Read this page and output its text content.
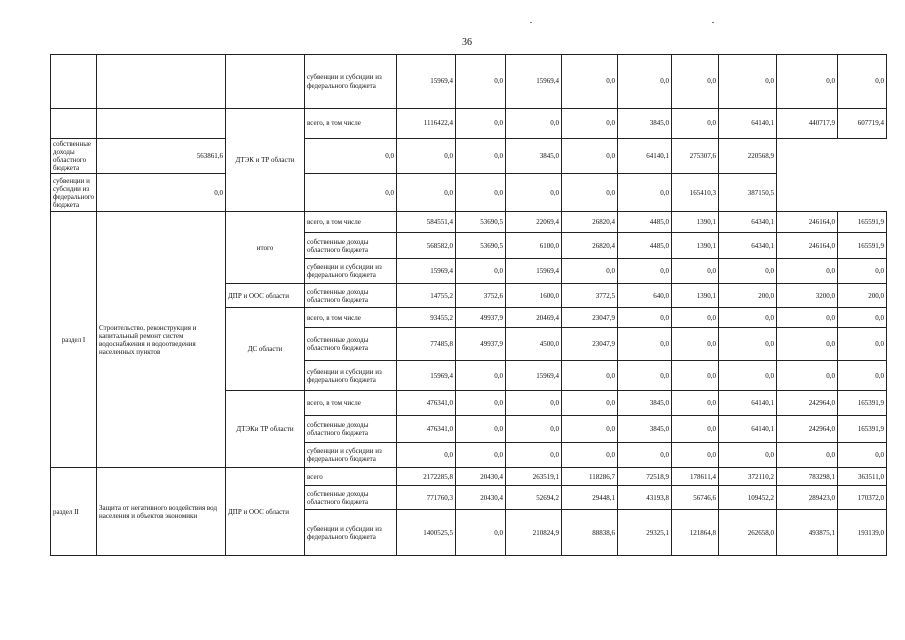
36
			субвенции и субсидии из федерального бюджета	15969,4	0,0	15969,4	0,0	0,0	0,0	0,0	0,0	0,0
		ДТЭК и ТР области	всего, в том числе	1116422,4	0,0	0,0	0,0	3845,0	0,0	64140,1	440717,9	607719,4
собственные доходы областного бюджета	563861,6		0,0	0,0	0,0	3845,0	0,0	64140,1	275307,6	220568,9		
субвенции и субсидии из федерального бюджета	0,0		0,0	0,0	0,0	0,0	0,0	0,0	165410,3	387150,5		
раздел I	Строительство, реконструкция и капитальный ремонт систем водоснабжения и водоотведения населенных пунктов	итого	всего, в том числе	584551,4	53690,5	22069,4	26820,4	4485,0	1390,1	64340,1	246164,0	165591,9
			собственные доходы областного бюджета	568582,0	53690,5	6100,0	26820,4	4485,0	1390,1	64340,1	246164,0	165591,9
			субвенции и субсидии из федерального бюджета	15969,4	0,0	15969,4	0,0	0,0	0,0	0,0	0,0	0,0
		ДПР и ООС области	собственные доходы областного бюджета	14755,2	3752,6	1600,0	3772,5	640,0	1390,1	200,0	3200,0	200,0
		ДС области	всего, в том числе	93455,2	49937,9	20469,4	23047,9	0,0	0,0	0,0	0,0	0,0
			собственные доходы областного бюджета	77485,8	49937,9	4500,0	23047,9	0,0	0,0	0,0	0,0	0,0
			субвенции и субсидии из федерального бюджета	15969,4	0,0	15969,4	0,0	0,0	0,0	0,0	0,0	0,0
		ДТЭКи ТР области	всего, в том числе	476341,0	0,0	0,0	0,0	3845,0	0,0	64140,1	242964,0	165391,9
			собственные доходы областного бюджета	476341,0	0,0	0,0	0,0	3845,0	0,0	64140,1	242964,0	165391,9
			субвенции и субсидии из федерального бюджета	0,0	0,0	0,0	0,0	0,0	0,0	0,0	0,0	0,0
раздел II	Защита от негативного воздействия вод населения и объектов экономики	ДПР и ООС области	всего	2172285,8	20430,4	263519,1	118286,7	72518,9	178611,4	372110,2	783298,1	363511,0
			собственные доходы областного бюджета	771760,3	20430,4	52694,2	29448,1	43193,8	56746,6	109452,2	289423,0	170372,0
			субвенции и субсидии из федерального бюджета	1400525,5	0,0	210824,9	88838,6	29325,1	121864,8	262658,0	493875,1	193139,0
